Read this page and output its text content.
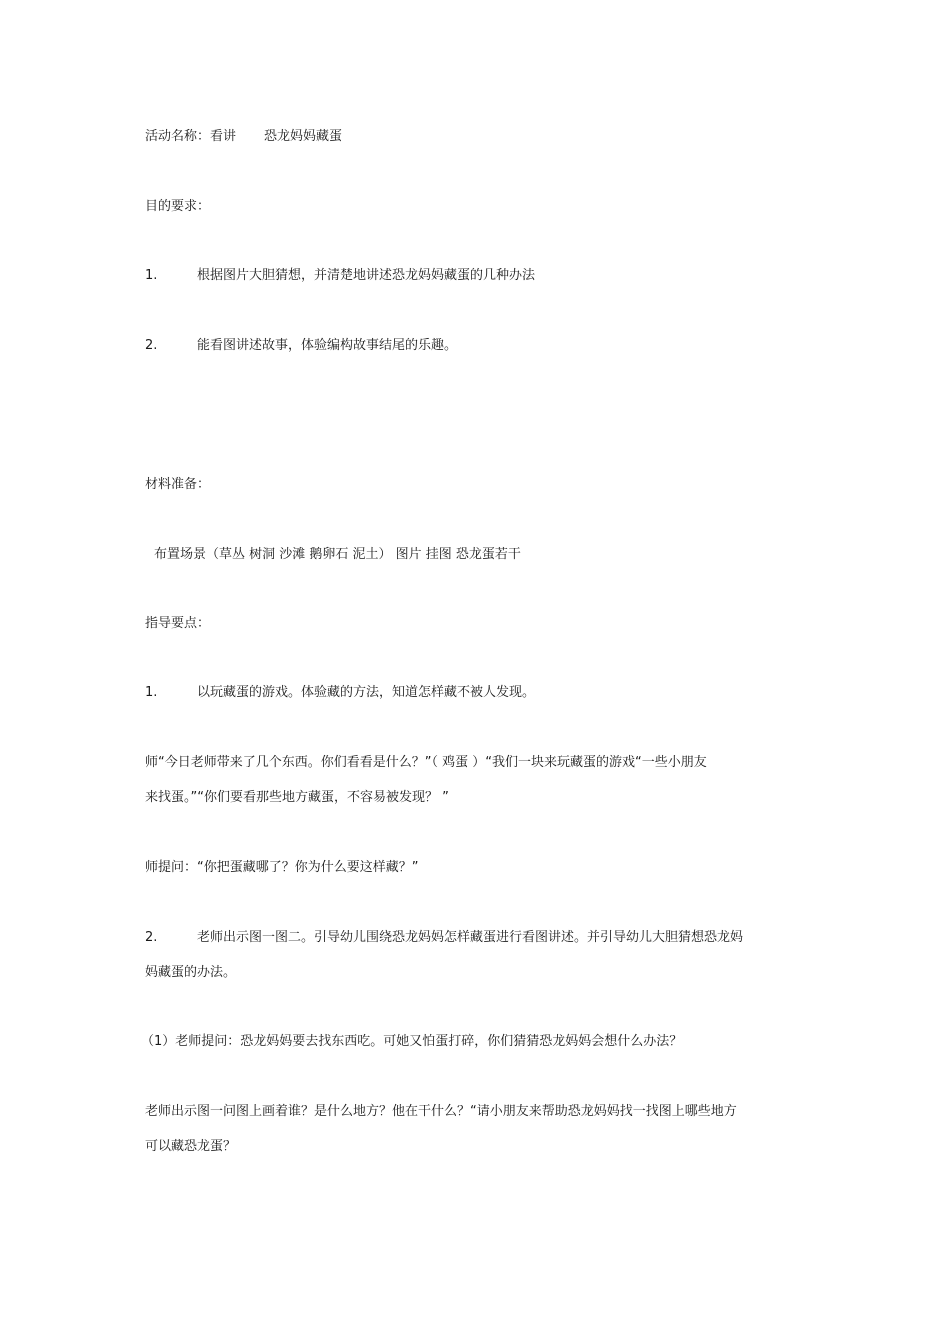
活动名称：看讲 恐龙妈妈藏蛋
目的要求：
1.	根据图片大胆猜想，并清楚地讲述恐龙妈妈藏蛋的几种办法
2.	能看图讲述故事，体验编构故事结尾的乐趣。
材料准备：
布置场景（草丛 树洞 沙滩 鹅卵石 泥土） 图片 挂图 恐龙蛋若干
指导要点：
1.	以玩藏蛋的游戏。体验藏的方法，知道怎样藏不被人发现。
师“今日老师带来了几个东西。你们看看是什么？”（ 鸡蛋 ）“我们一块来玩藏蛋的游戏“一些小朋友
来找蛋。”“你们要看那些地方藏蛋，不容易被发现？ ”
师提问：“你把蛋藏哪了？你为什么要这样藏？”
2.	老师出示图一图二。引导幼儿围绕恐龙妈妈怎样藏蛋进行看图讲述。并引导幼儿大胆猜想恐龙妈
妈藏蛋的办法。
（1）老师提问：恐龙妈妈要去找东西吃。可她又怕蛋打碎，你们猜猜恐龙妈妈会想什么办法？
老师出示图一问图上画着谁？是什么地方？他在干什么？“请小朋友来帮助恐龙妈妈找一找图上哪些地方
可以藏恐龙蛋？
